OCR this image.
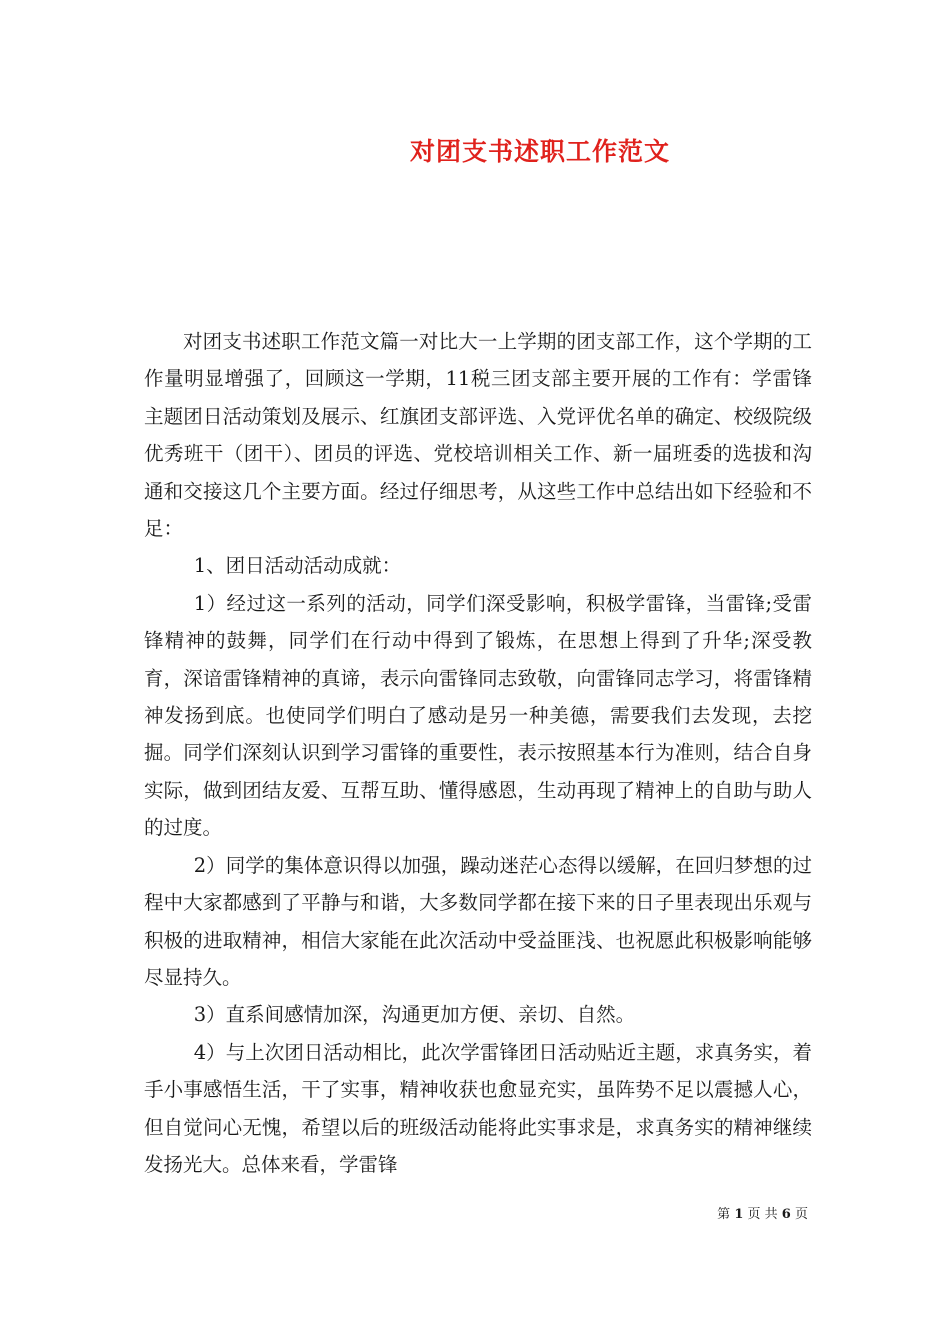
对团支书述职工作范文

对团支书述职工作范文篇一对比大一上学期的团支部工作，这个学期的工作量明显增强了，回顾这一学期，11税三团支部主要开展的工作有：学雷锋主题团日活动策划及展示、红旗团支部评选、入党评优名单的确定、校级院级优秀班干（团干）、团员的评选、党校培训相关工作、新一届班委的选拔和沟通和交接这几个主要方面。经过仔细思考，从这些工作中总结出如下经验和不足：

1、团日活动活动成就：

1）经过这一系列的活动，同学们深受影响，积极学雷锋，当雷锋;受雷锋精神的鼓舞，同学们在行动中得到了锻炼，在思想上得到了升华;深受教育，深谙雷锋精神的真谛，表示向雷锋同志致敬，向雷锋同志学习，将雷锋精神发扬到底。也使同学们明白了感动是另一种美德，需要我们去发现，去挖掘。同学们深刻认识到学习雷锋的重要性，表示按照基本行为准则，结合自身实际，做到团结友爱、互帮互助、懂得感恩，生动再现了精神上的自助与助人的过度。

2）同学的集体意识得以加强，躁动迷茫心态得以缓解，在回归梦想的过程中大家都感到了平静与和谐，大多数同学都在接下来的日子里表现出乐观与积极的进取精神，相信大家能在此次活动中受益匪浅、也祝愿此积极影响能够尽显持久。

3）直系间感情加深，沟通更加方便、亲切、自然。

4）与上次团日活动相比，此次学雷锋团日活动贴近主题，求真务实，着手小事感悟生活，干了实事，精神收获也愈显充实，虽阵势不足以震撼人心，但自觉问心无愧，希望以后的班级活动能将此实事求是，求真务实的精神继续发扬光大。总体来看，学雷锋

第 1 页 共 6 页
